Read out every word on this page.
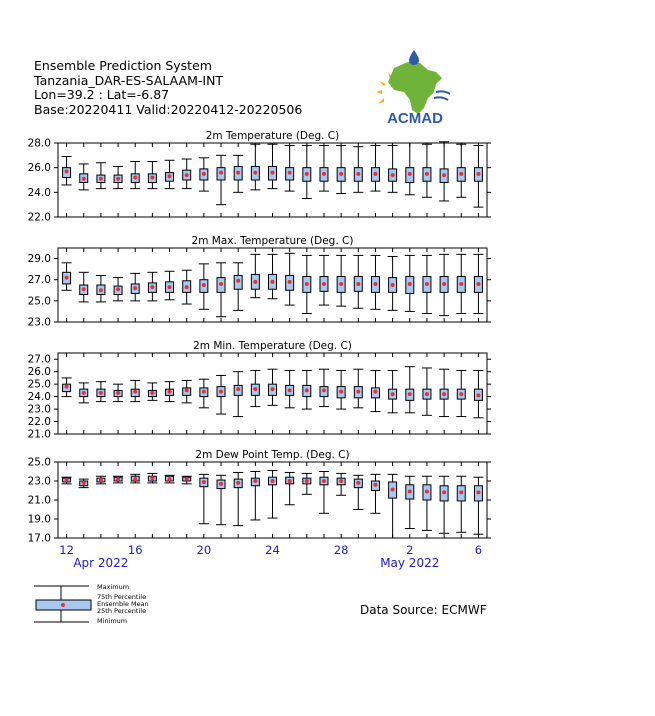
Ensemble Prediction System
Tanzania_DAR-ES-SALAAM-INT
Lon=39.2 : Lat=-6.87
Base:20220411 Valid:20220412-20220506
ACMAD
2m Temperature (Deg. C)
22.0
24.0
26.0
28.0
2m Max. Temperature (Deg. C)
23.0
25.0
27.0
29.0
2m Min. Temperature (Deg. C)
21.0
22.0
23.0
24.0
25.0
26.0
27.0
2m Dew Point Temp. (Deg. C)
17.0
19.0
21.0
23.0
25.0
12	16	20	24	28	2	6
Apr 2022	May 2022
Maximum
75th Percentile
Ensemble Mean
25th Percentile
Minimum
Data Source: ECMWF
